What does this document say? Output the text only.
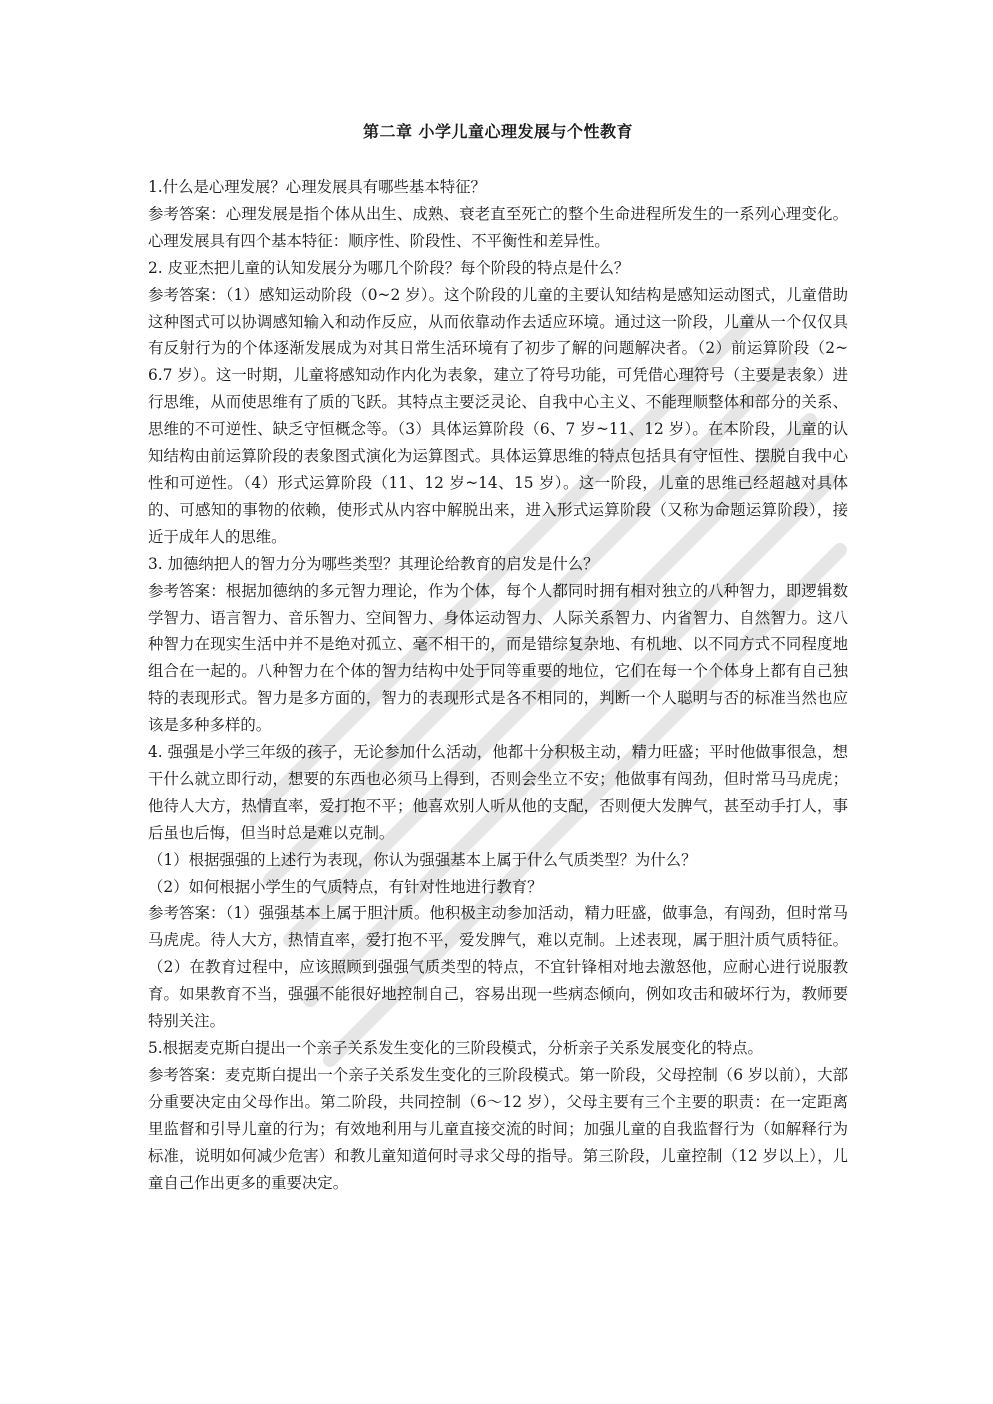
第二章 小学儿童心理发展与个性教育

1.什么是心理发展？心理发展具有哪些基本特征？

参考答案：心理发展是指个体从出生、成熟、衰老直至死亡的整个生命进程所发生的一系列心理变化。心理发展具有四个基本特征：顺序性、阶段性、不平衡性和差异性。

2. 皮亚杰把儿童的认知发展分为哪几个阶段？每个阶段的特点是什么？

参考答案：（1）感知运动阶段（0~2 岁）。这个阶段的儿童的主要认知结构是感知运动图式，儿童借助这种图式可以协调感知输入和动作反应，从而依靠动作去适应环境。通过这一阶段，儿童从一个仅仅具有反射行为的个体逐渐发展成为对其日常生活环境有了初步了解的问题解决者。（2）前运算阶段（2~6.7 岁）。这一时期，儿童将感知动作内化为表象，建立了符号功能，可凭借心理符号（主要是表象）进行思维，从而使思维有了质的飞跃。其特点主要泛灵论、自我中心主义、不能理顺整体和部分的关系、思维的不可逆性、缺乏守恒概念等。（3）具体运算阶段（6、7 岁~11、12 岁）。在本阶段，儿童的认知结构由前运算阶段的表象图式演化为运算图式。具体运算思维的特点包括具有守恒性、摆脱自我中心性和可逆性。（4）形式运算阶段（11、12 岁~14、15 岁）。这一阶段，儿童的思维已经超越对具体的、可感知的事物的依赖，使形式从内容中解脱出来，进入形式运算阶段（又称为命题运算阶段），接近于成年人的思维。

3. 加德纳把人的智力分为哪些类型？其理论给教育的启发是什么？

参考答案：根据加德纳的多元智力理论，作为个体，每个人都同时拥有相对独立的八种智力，即逻辑数学智力、语言智力、音乐智力、空间智力、身体运动智力、人际关系智力、内省智力、自然智力。这八种智力在现实生活中并不是绝对孤立、毫不相干的，而是错综复杂地、有机地、以不同方式不同程度地组合在一起的。八种智力在个体的智力结构中处于同等重要的地位，它们在每一个个体身上都有自己独特的表现形式。智力是多方面的，智力的表现形式是各不相同的，判断一个人聪明与否的标准当然也应该是多种多样的。

4. 强强是小学三年级的孩子，无论参加什么活动，他都十分积极主动，精力旺盛；平时他做事很急，想干什么就立即行动，想要的东西也必须马上得到，否则会坐立不安；他做事有闯劲，但时常马马虎虎；他待人大方，热情直率，爱打抱不平；他喜欢别人听从他的支配，否则便大发脾气，甚至动手打人，事后虽也后悔，但当时总是难以克制。

（1）根据强强的上述行为表现，你认为强强基本上属于什么气质类型？为什么？

（2）如何根据小学生的气质特点，有针对性地进行教育？

参考答案：（1）强强基本上属于胆汁质。他积极主动参加活动，精力旺盛，做事急，有闯劲，但时常马马虎虎。待人大方，热情直率，爱打抱不平，爱发脾气，难以克制。上述表现，属于胆汁质气质特征。（2）在教育过程中，应该照顾到强强气质类型的特点，不宜针锋相对地去激怒他，应耐心进行说服教育。如果教育不当，强强不能很好地控制自己，容易出现一些病态倾向，例如攻击和破坏行为，教师要特别关注。

5.根据麦克斯白提出一个亲子关系发生变化的三阶段模式，分析亲子关系发展变化的特点。

参考答案：麦克斯白提出一个亲子关系发生变化的三阶段模式。第一阶段，父母控制（6 岁以前），大部分重要决定由父母作出。第二阶段，共同控制（6～12 岁），父母主要有三个主要的职责：在一定距离里监督和引导儿童的行为；有效地利用与儿童直接交流的时间；加强儿童的自我监督行为（如解释行为标准，说明如何减少危害）和教儿童知道何时寻求父母的指导。第三阶段，儿童控制（12 岁以上），儿童自己作出更多的重要决定。
